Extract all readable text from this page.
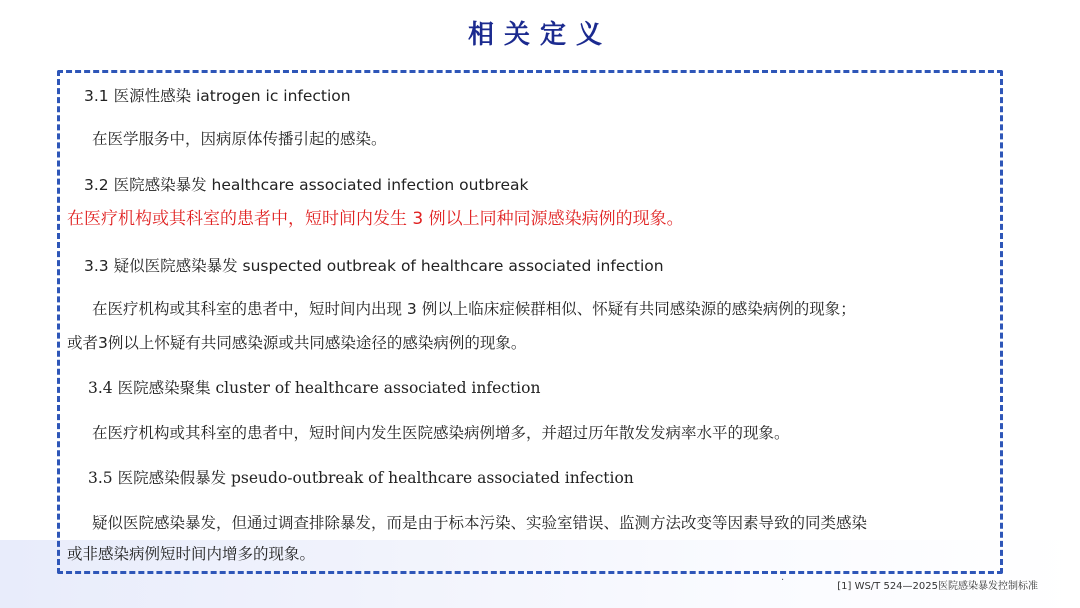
相关定义
3.1 医源性感染 iatrogen ic infection
在医学服务中，因病原体传播引起的感染。
3.2 医院感染暴发 healthcare associated infection outbreak
在医疗机构或其科室的患者中，短时间内发生 3 例以上同种同源感染病例的现象。
3.3 疑似医院感染暴发 suspected outbreak of healthcare associated infection
在医疗机构或其科室的患者中，短时间内出现 3 例以上临床症候群相似、怀疑有共同感染源的感染病例的现象；
或者3例以上怀疑有共同感染源或共同感染途径的感染病例的现象。
3.4 医院感染聚集 cluster of healthcare associated infection
在医疗机构或其科室的患者中，短时间内发生医院感染病例增多，并超过历年散发发病率水平的现象。
3.5 医院感染假暴发 pseudo-outbreak of healthcare associated infection
疑似医院感染暴发，但通过调查排除暴发，而是由于标本污染、实验室错误、监测方法改变等因素导致的同类感染
或非感染病例短时间内增多的现象。
·
[1] WS/T 524—2025医院感染暴发控制标准
